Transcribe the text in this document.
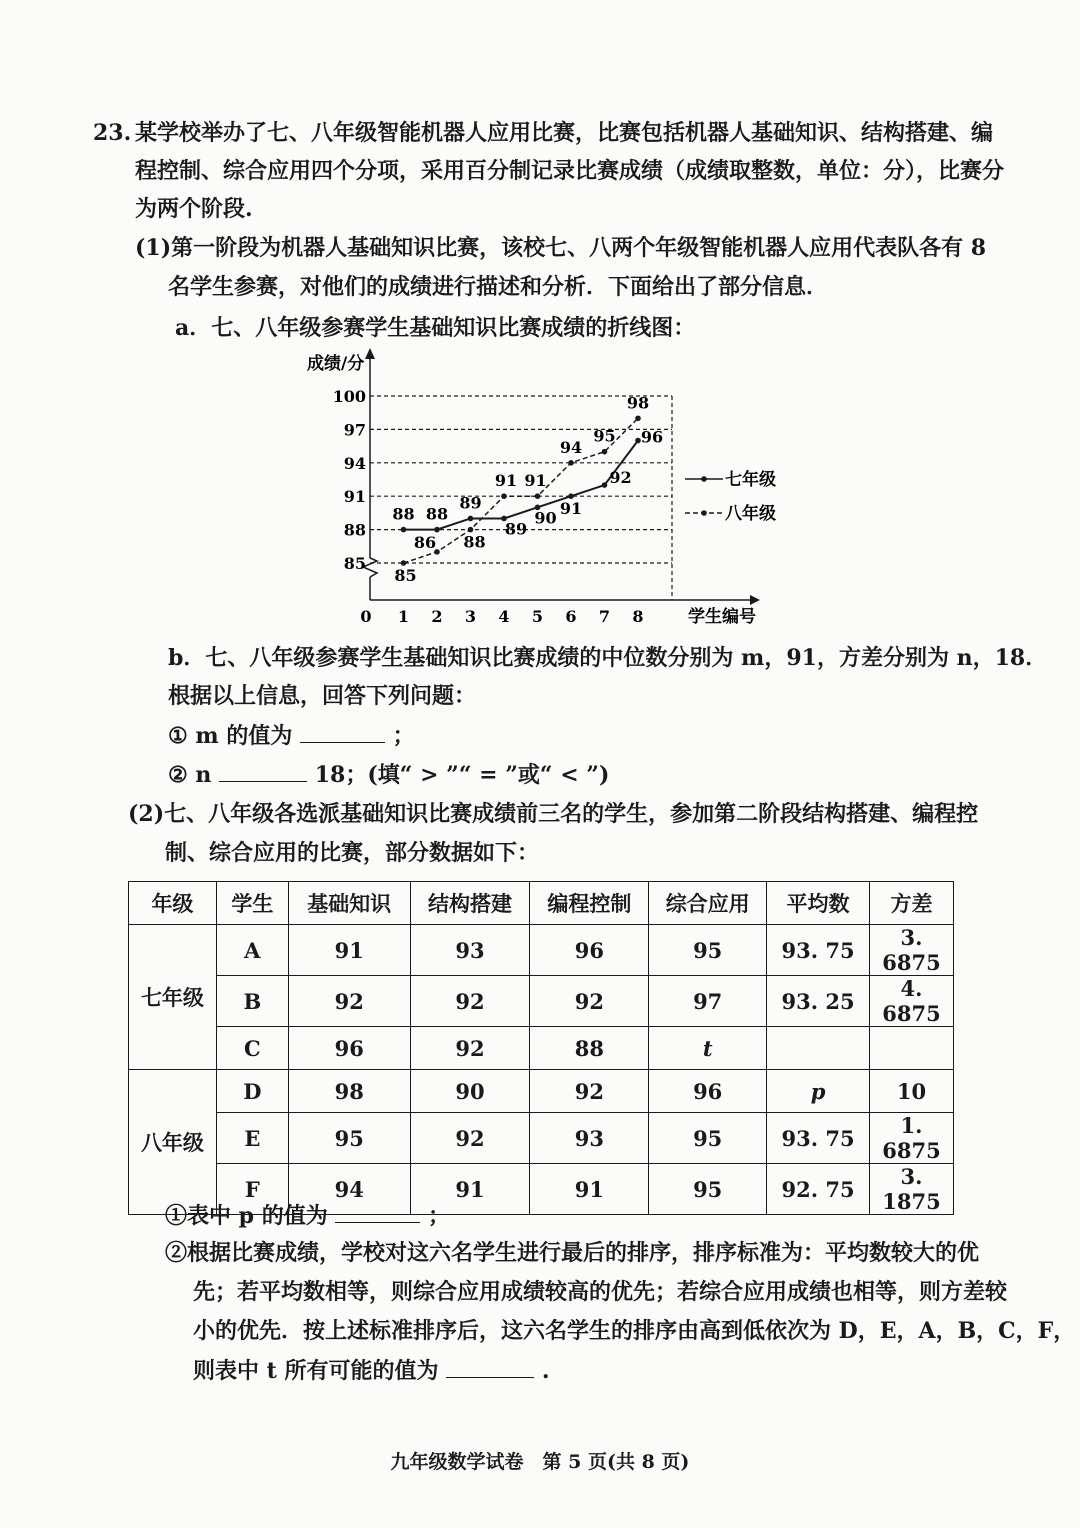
23. 某学校举办了七、八年级智能机器人应用比赛，比赛包括机器人基础知识、结构搭建、编
程控制、综合应用四个分项，采用百分制记录比赛成绩（成绩取整数，单位：分），比赛分
为两个阶段.
(1)第一阶段为机器人基础知识比赛，该校七、八两个年级智能机器人应用代表队各有 8
名学生参赛，对他们的成绩进行描述和分析．下面给出了部分信息．
a．七、八年级参赛学生基础知识比赛成绩的折线图：
85
88
91
94
97
100
0 1 2 3 4 5 6 7 8
成绩/分
学生编号
88 88
89
89
90 91
92
96
85
86 88
91 91
94
95
98
七年级
八年级
b．七、八年级参赛学生基础知识比赛成绩的中位数分别为 m，91，方差分别为 n，18．
根据以上信息，回答下列问题：
① m 的值为	；
② n	18；(填“ > ”“ = ”或“ < ”)
(2)七、八年级各选派基础知识比赛成绩前三名的学生，参加第二阶段结构搭建、编程控
制、综合应用的比赛，部分数据如下：
年级	学生	基础知识	结构搭建	编程控制	综合应用	平均数	方差
七年级	A	91	93	96	95	93. 75	3. 6875
	B	92	92	92	97	93. 25	4. 6875
	C	96	92	88	t		
八年级	D	98	90	92	96	p	10
	E	95	92	93	95	93. 75	1. 6875
	F	94	91	91	95	92. 75	3. 1875
①表中 p 的值为	；
②根据比赛成绩，学校对这六名学生进行最后的排序，排序标准为：平均数较大的优
先；若平均数相等，则综合应用成绩较高的优先；若综合应用成绩也相等，则方差较
小的优先．按上述标准排序后，这六名学生的排序由高到低依次为 D，E，A，B，C，F，
则表中 t 所有可能的值为	.
九年级数学试卷　第 5 页(共 8 页)
